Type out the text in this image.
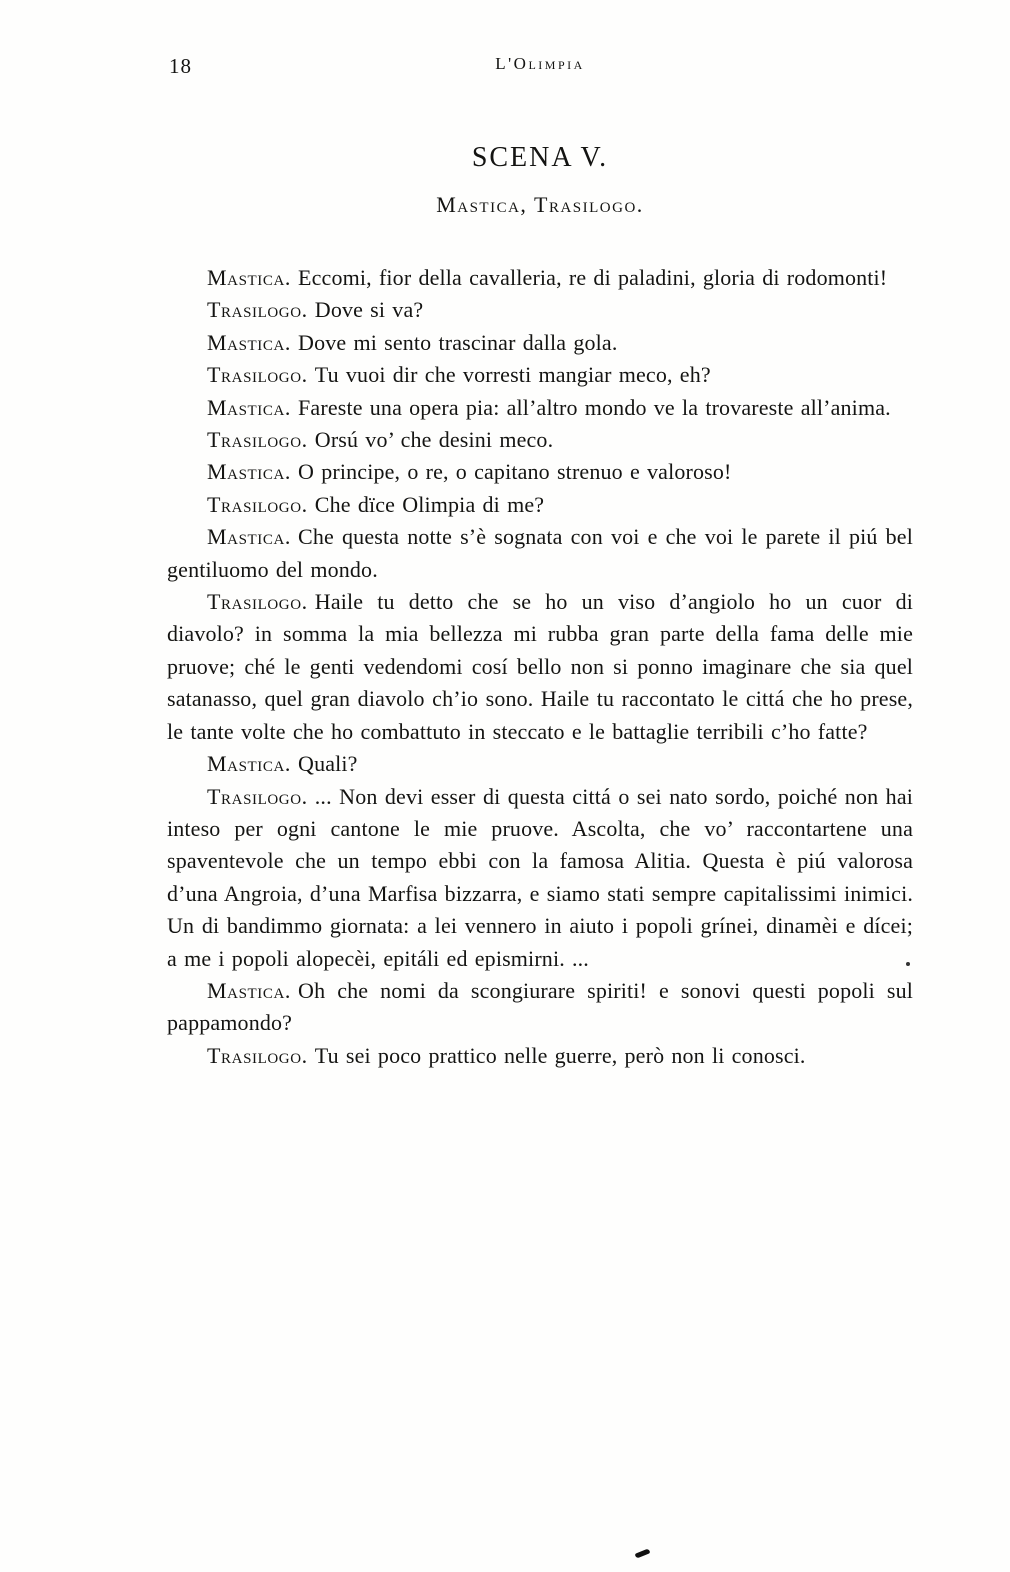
18	L'Olimpia
SCENA V.
Mastica, Trasilogo.

Mastica. Eccomi, fior della cavalleria, re di paladini, gloria di rodomonti!

Trasilogo. Dove si va?

Mastica. Dove mi sento trascinar dalla gola.

Trasilogo. Tu vuoi dir che vorresti mangiar meco, eh?

Mastica. Fareste una opera pia: all’altro mondo ve la trovareste all’anima.

Trasilogo. Orsú vo’ che desini meco.

Mastica. O principe, o re, o capitano strenuo e valoroso!

Trasilogo. Che dïce Olimpia di me?

Mastica. Che questa notte s’è sognata con voi e che voi le parete il piú bel gentiluomo del mondo.

Trasilogo. Haile tu detto che se ho un viso d’angiolo ho un cuor di diavolo? in somma la mia bellezza mi rubba gran parte della fama delle mie pruove; ché le genti vedendomi cosí bello non si ponno imaginare che sia quel satanasso, quel gran diavolo ch’io sono. Haile tu raccontato le cittá che ho prese, le tante volte che ho combattuto in steccato e le battaglie terribili c’ho fatte?

Mastica. Quali?

Trasilogo. ... Non devi esser di questa cittá o sei nato sordo, poiché non hai inteso per ogni cantone le mie pruove. Ascolta, che vo’ raccontartene una spaventevole che un tempo ebbi con la famosa Alitia. Questa è piú valorosa d’una Angroia, d’una Marfisa bizzarra, e siamo stati sempre capitalissimi inimici. Un di bandimmo giornata: a lei vennero in aiuto i popoli grínei, dinamèi e dícei; a me i popoli alopecèi, epitáli ed epismirni. ...

Mastica. Oh che nomi da scongiurare spiriti! e sonovi questi popoli sul pappamondo?

Trasilogo. Tu sei poco prattico nelle guerre, però non li conosci.
